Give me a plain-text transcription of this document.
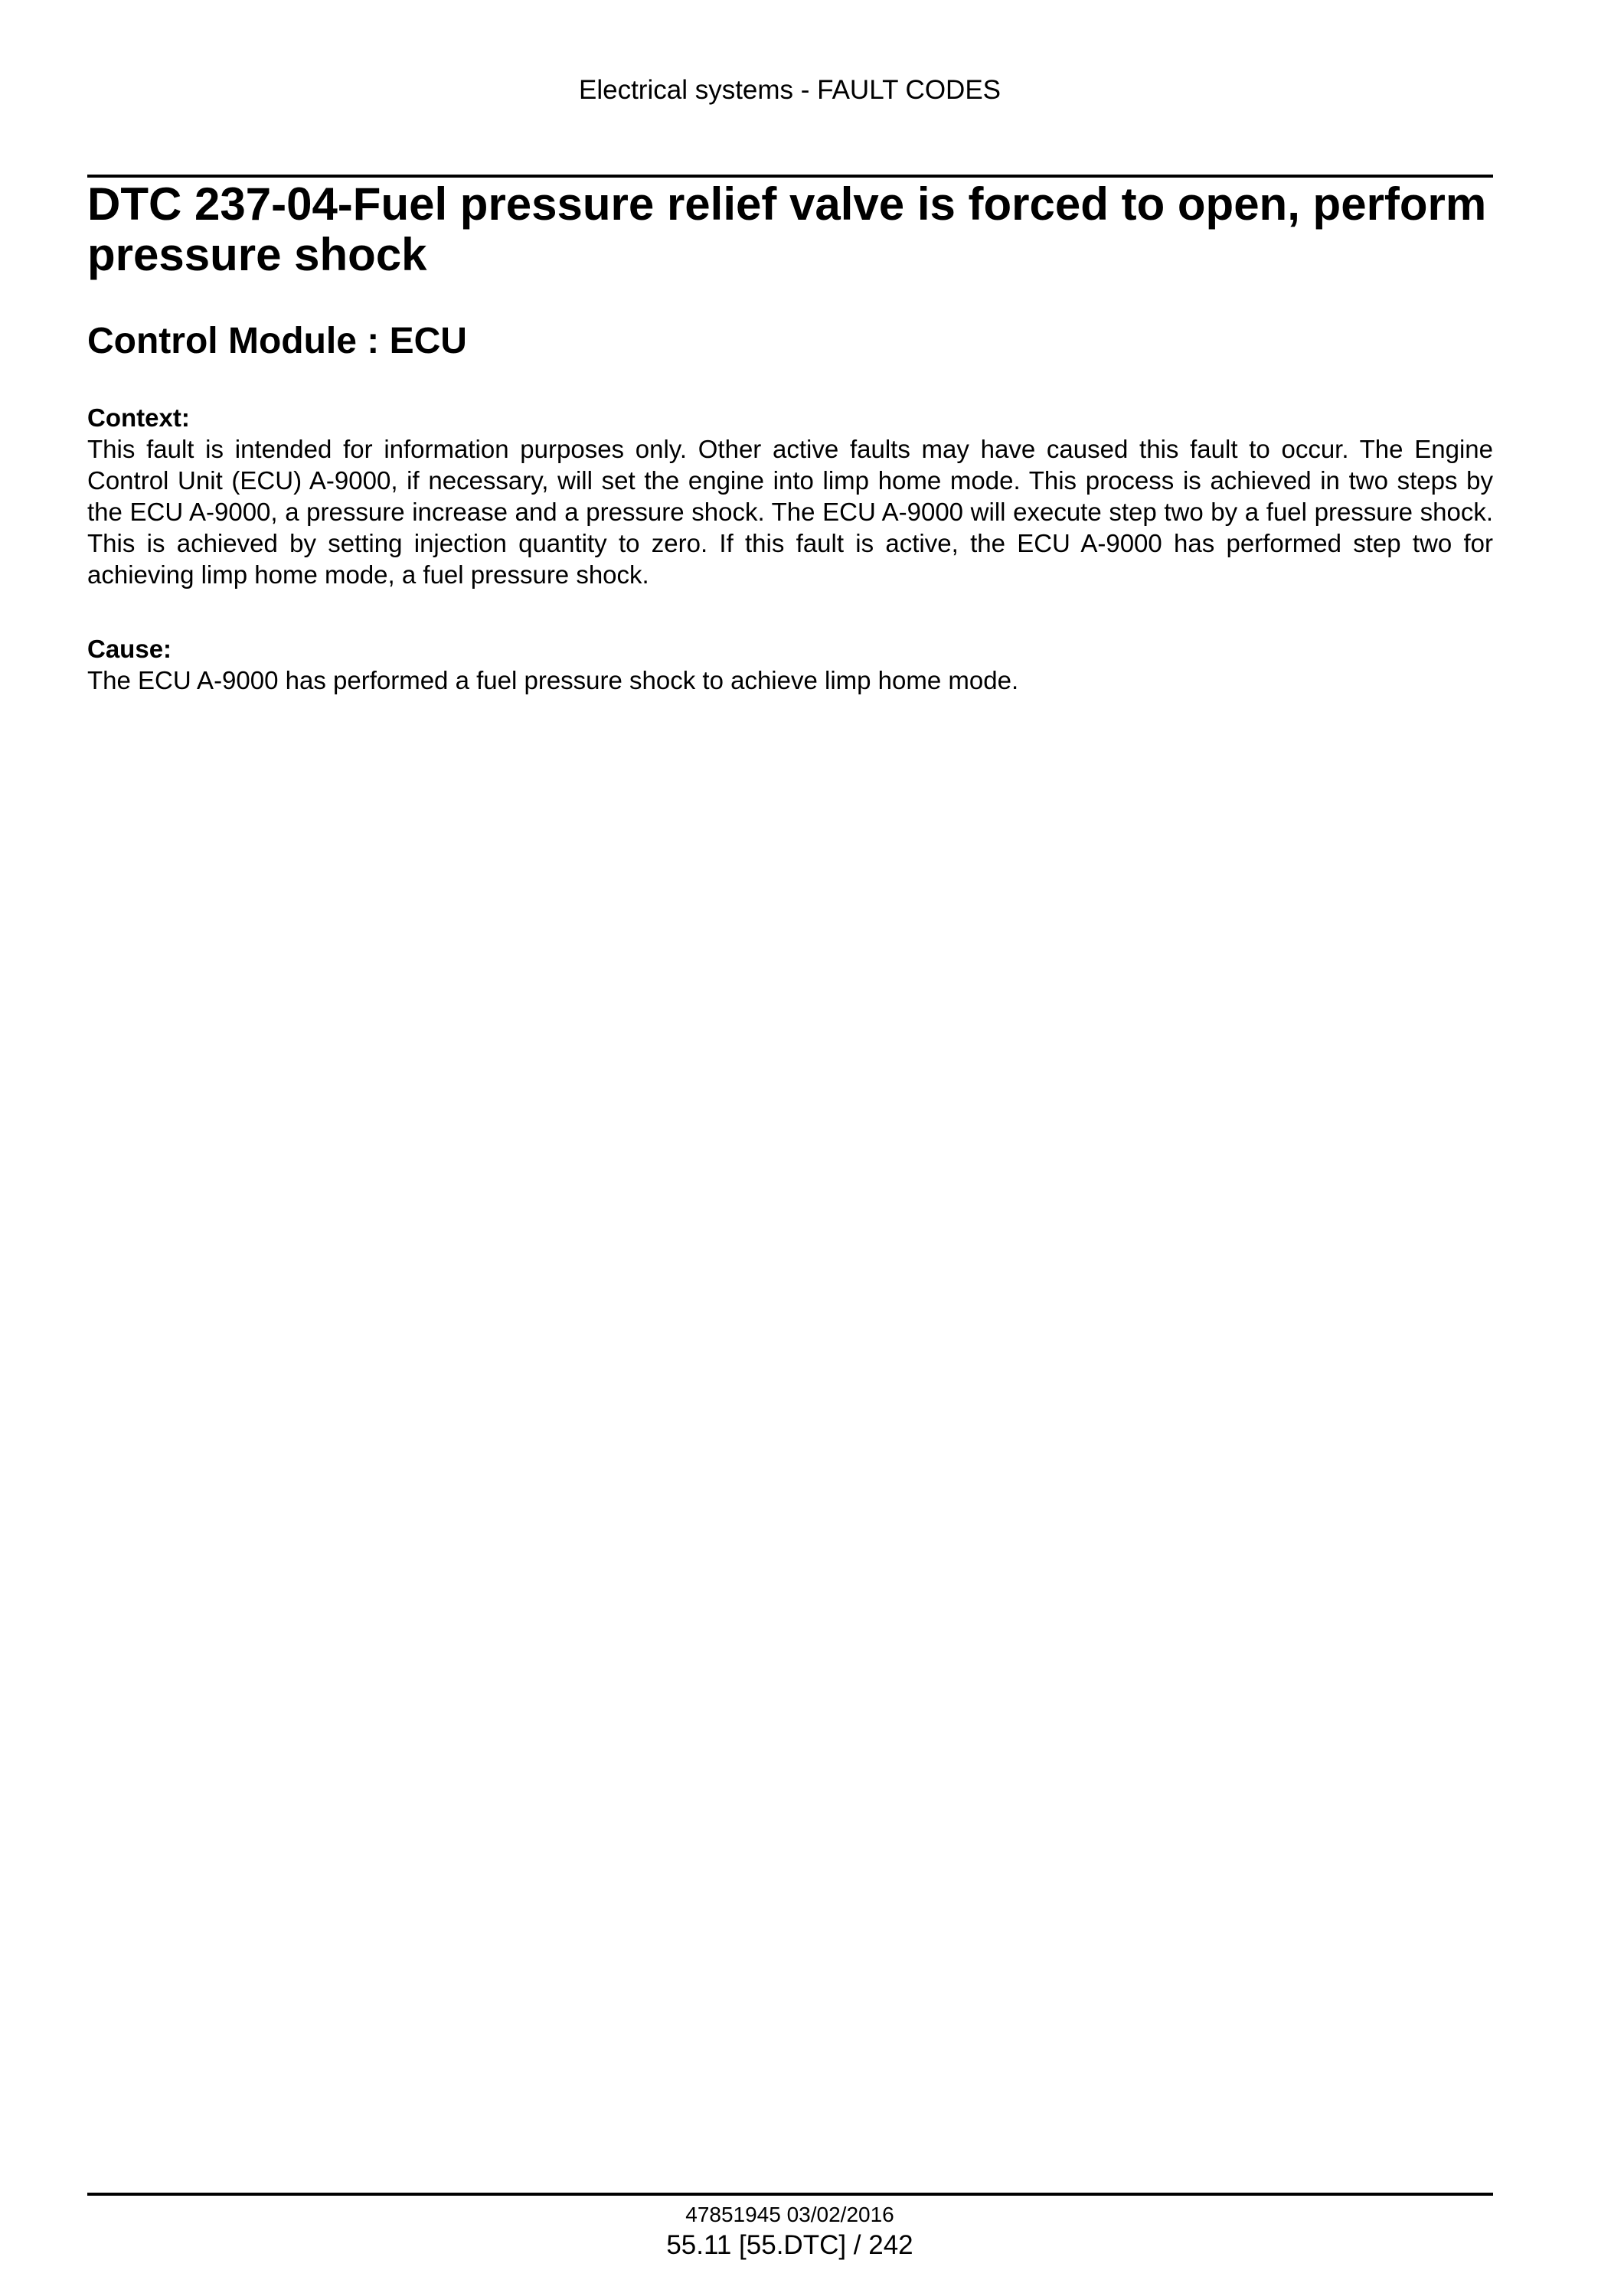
Electrical systems - FAULT CODES
DTC 237-04-Fuel pressure relief valve is forced to open, perform pressure shock
Control Module : ECU
Context:

This fault is intended for information purposes only. Other active faults may have caused this fault to occur. The Engine Control Unit (ECU) A-9000, if necessary, will set the engine into limp home mode. This process is achieved in two steps by the ECU A-9000, a pressure increase and a pressure shock. The ECU A-9000 will execute step two by a fuel pressure shock. This is achieved by setting injection quantity to zero. If this fault is active, the ECU A-9000 has performed step two for achieving limp home mode, a fuel pressure shock.

Cause:

The ECU A-9000 has performed a fuel pressure shock to achieve limp home mode.

47851945 03/02/2016
55.11 [55.DTC] / 242
